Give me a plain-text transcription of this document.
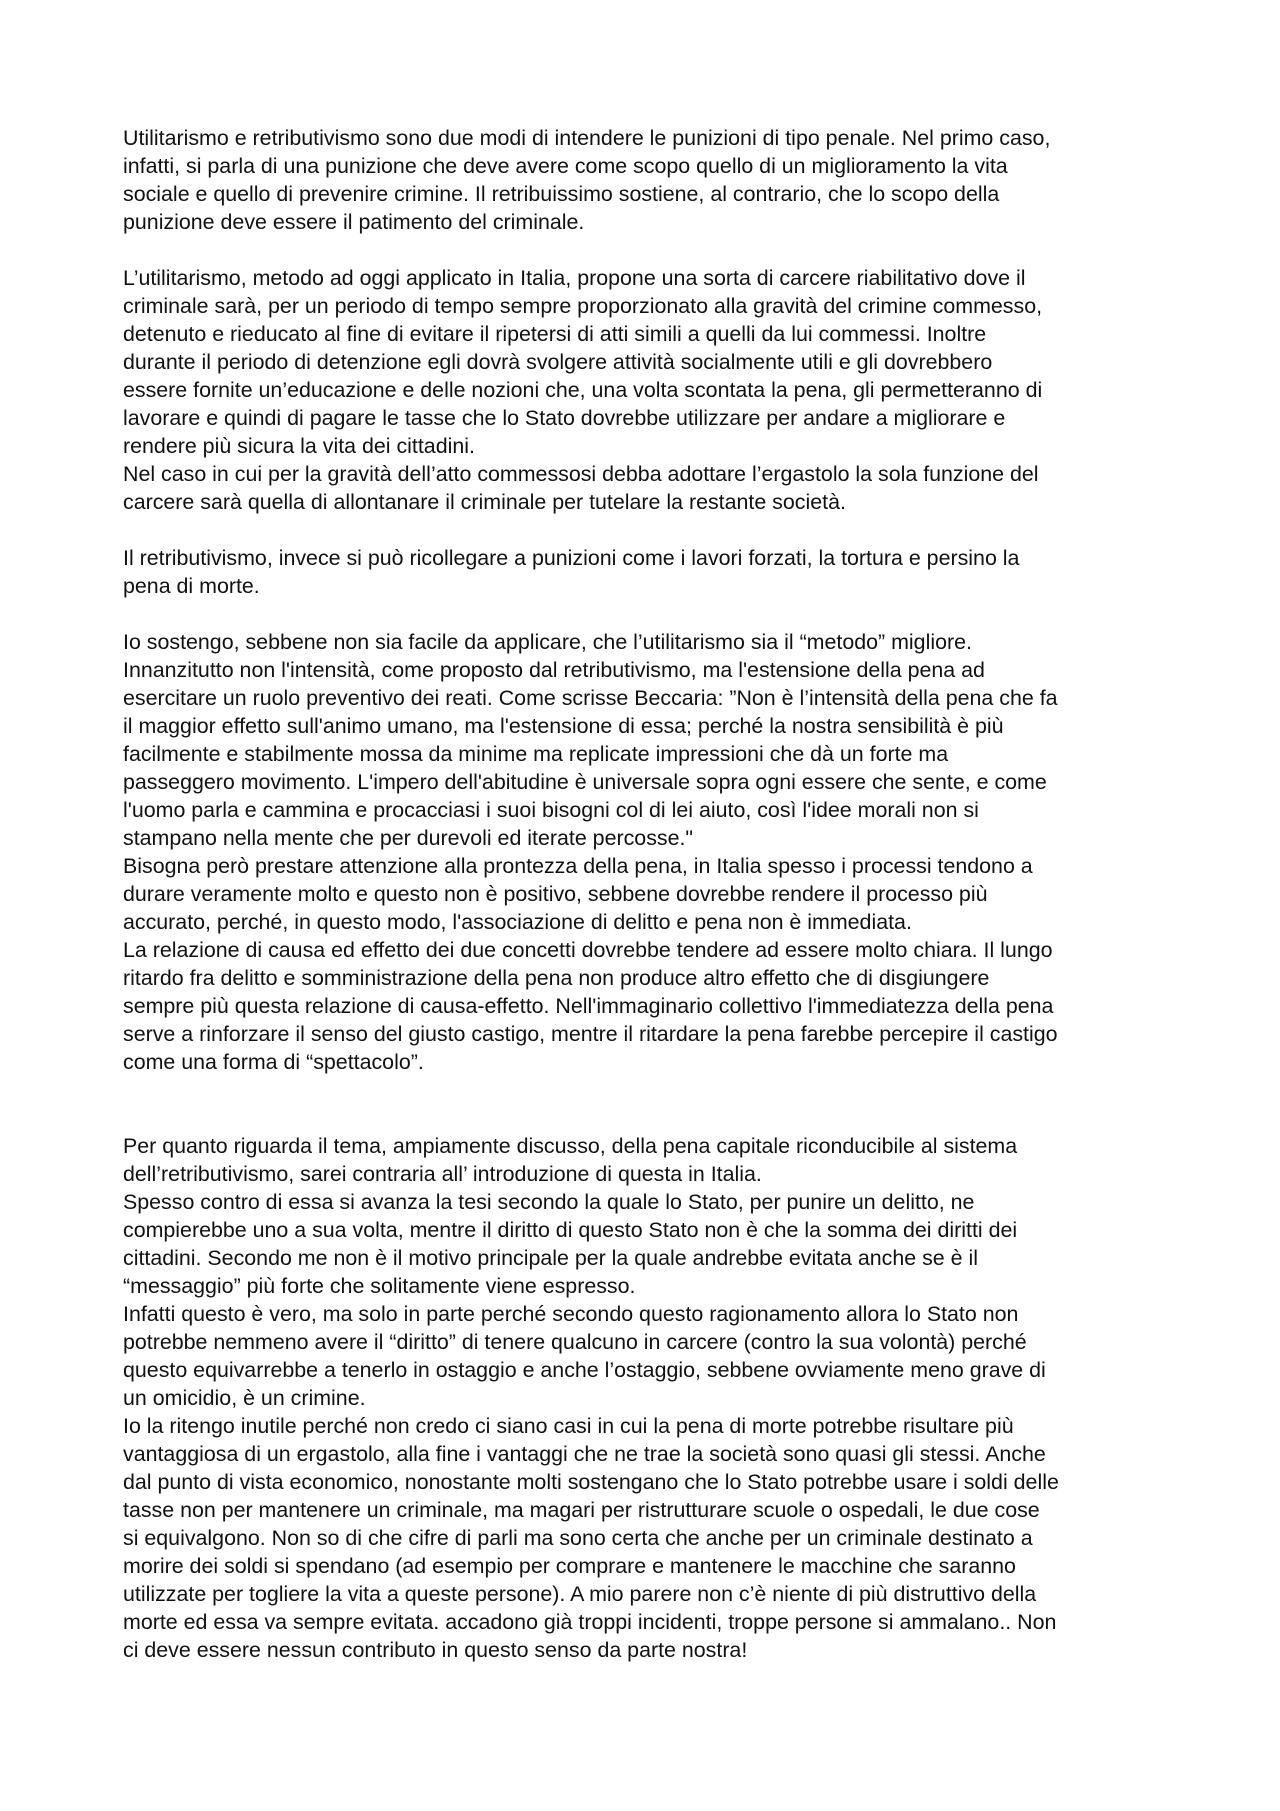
Utilitarismo e retributivismo sono due modi di intendere le punizioni di tipo penale. Nel primo caso,
infatti, si parla di una punizione che deve avere come scopo quello di un miglioramento la vita
sociale e quello di prevenire crimine. Il retribuissimo sostiene, al contrario, che lo scopo della
punizione deve essere il patimento del criminale.
L’utilitarismo, metodo ad oggi applicato in Italia, propone una sorta di carcere riabilitativo dove il
criminale sarà, per un periodo di tempo sempre proporzionato alla gravità del crimine commesso,
detenuto e rieducato al fine di evitare il ripetersi di atti simili a quelli da lui commessi. Inoltre
durante il periodo di detenzione egli dovrà svolgere attività socialmente utili e gli dovrebbero
essere fornite un’educazione e delle nozioni che, una volta scontata la pena, gli permetteranno di
lavorare e quindi di pagare le tasse che lo Stato dovrebbe utilizzare per andare a migliorare e
rendere più sicura la vita dei cittadini.
Nel caso in cui per la gravità dell’atto commessosi debba adottare l’ergastolo la sola funzione del
carcere sarà quella di allontanare il criminale per tutelare la restante società.
Il retributivismo, invece si può ricollegare a punizioni come i lavori forzati, la tortura e persino la
pena di morte.
Io sostengo, sebbene non sia facile da applicare, che l’utilitarismo sia il “metodo” migliore.
Innanzitutto non l'intensità, come proposto dal retributivismo, ma l'estensione della pena ad
esercitare un ruolo preventivo dei reati. Come scrisse Beccaria: ”Non è l’intensità della pena che fa
il maggior effetto sull'animo umano, ma l'estensione di essa; perché la nostra sensibilità è più
facilmente e stabilmente mossa da minime ma replicate impressioni che dà un forte ma
passeggero movimento. L'impero dell'abitudine è universale sopra ogni essere che sente, e come
l'uomo parla e cammina e procacciasi i suoi bisogni col di lei aiuto, così l'idee morali non si
stampano nella mente che per durevoli ed iterate percosse."
Bisogna però prestare attenzione alla prontezza della pena, in Italia spesso i processi tendono a
durare veramente molto e questo non è positivo, sebbene dovrebbe rendere il processo più
accurato, perché, in questo modo, l'associazione di delitto e pena non è immediata.
La relazione di causa ed effetto dei due concetti dovrebbe tendere ad essere molto chiara. Il lungo
ritardo fra delitto e somministrazione della pena non produce altro effetto che di disgiungere
sempre più questa relazione di causa-effetto. Nell'immaginario collettivo l'immediatezza della pena
serve a rinforzare il senso del giusto castigo, mentre il ritardare la pena farebbe percepire il castigo
come una forma di “spettacolo”.
Per quanto riguarda il tema, ampiamente discusso, della pena capitale riconducibile al sistema
dell’retributivismo, sarei contraria all’ introduzione di questa in Italia.
Spesso contro di essa si avanza la tesi secondo la quale lo Stato, per punire un delitto, ne
compierebbe uno a sua volta, mentre il diritto di questo Stato non è che la somma dei diritti dei
cittadini. Secondo me non è il motivo principale per la quale andrebbe evitata anche se è il
“messaggio” più forte che solitamente viene espresso.
Infatti questo è vero, ma solo in parte perché secondo questo ragionamento allora lo Stato non
potrebbe nemmeno avere il “diritto” di tenere qualcuno in carcere (contro la sua volontà) perché
questo equivarrebbe a tenerlo in ostaggio e anche l’ostaggio, sebbene ovviamente meno grave di
un omicidio, è un crimine.
Io la ritengo inutile perché non credo ci siano casi in cui la pena di morte potrebbe risultare più
vantaggiosa di un ergastolo, alla fine i vantaggi che ne trae la società sono quasi gli stessi. Anche
dal punto di vista economico, nonostante molti sostengano che lo Stato potrebbe usare i soldi delle
tasse non per mantenere un criminale, ma magari per ristrutturare scuole o ospedali, le due cose
si equivalgono. Non so di che cifre di parli ma sono certa che anche per un criminale destinato a
morire dei soldi si spendano (ad esempio per comprare e mantenere le macchine che saranno
utilizzate per togliere la vita a queste persone). A mio parere non c’è niente di più distruttivo della
morte ed essa va sempre evitata. accadono già troppi incidenti, troppe persone si ammalano.. Non
ci deve essere nessun contributo in questo senso da parte nostra!
